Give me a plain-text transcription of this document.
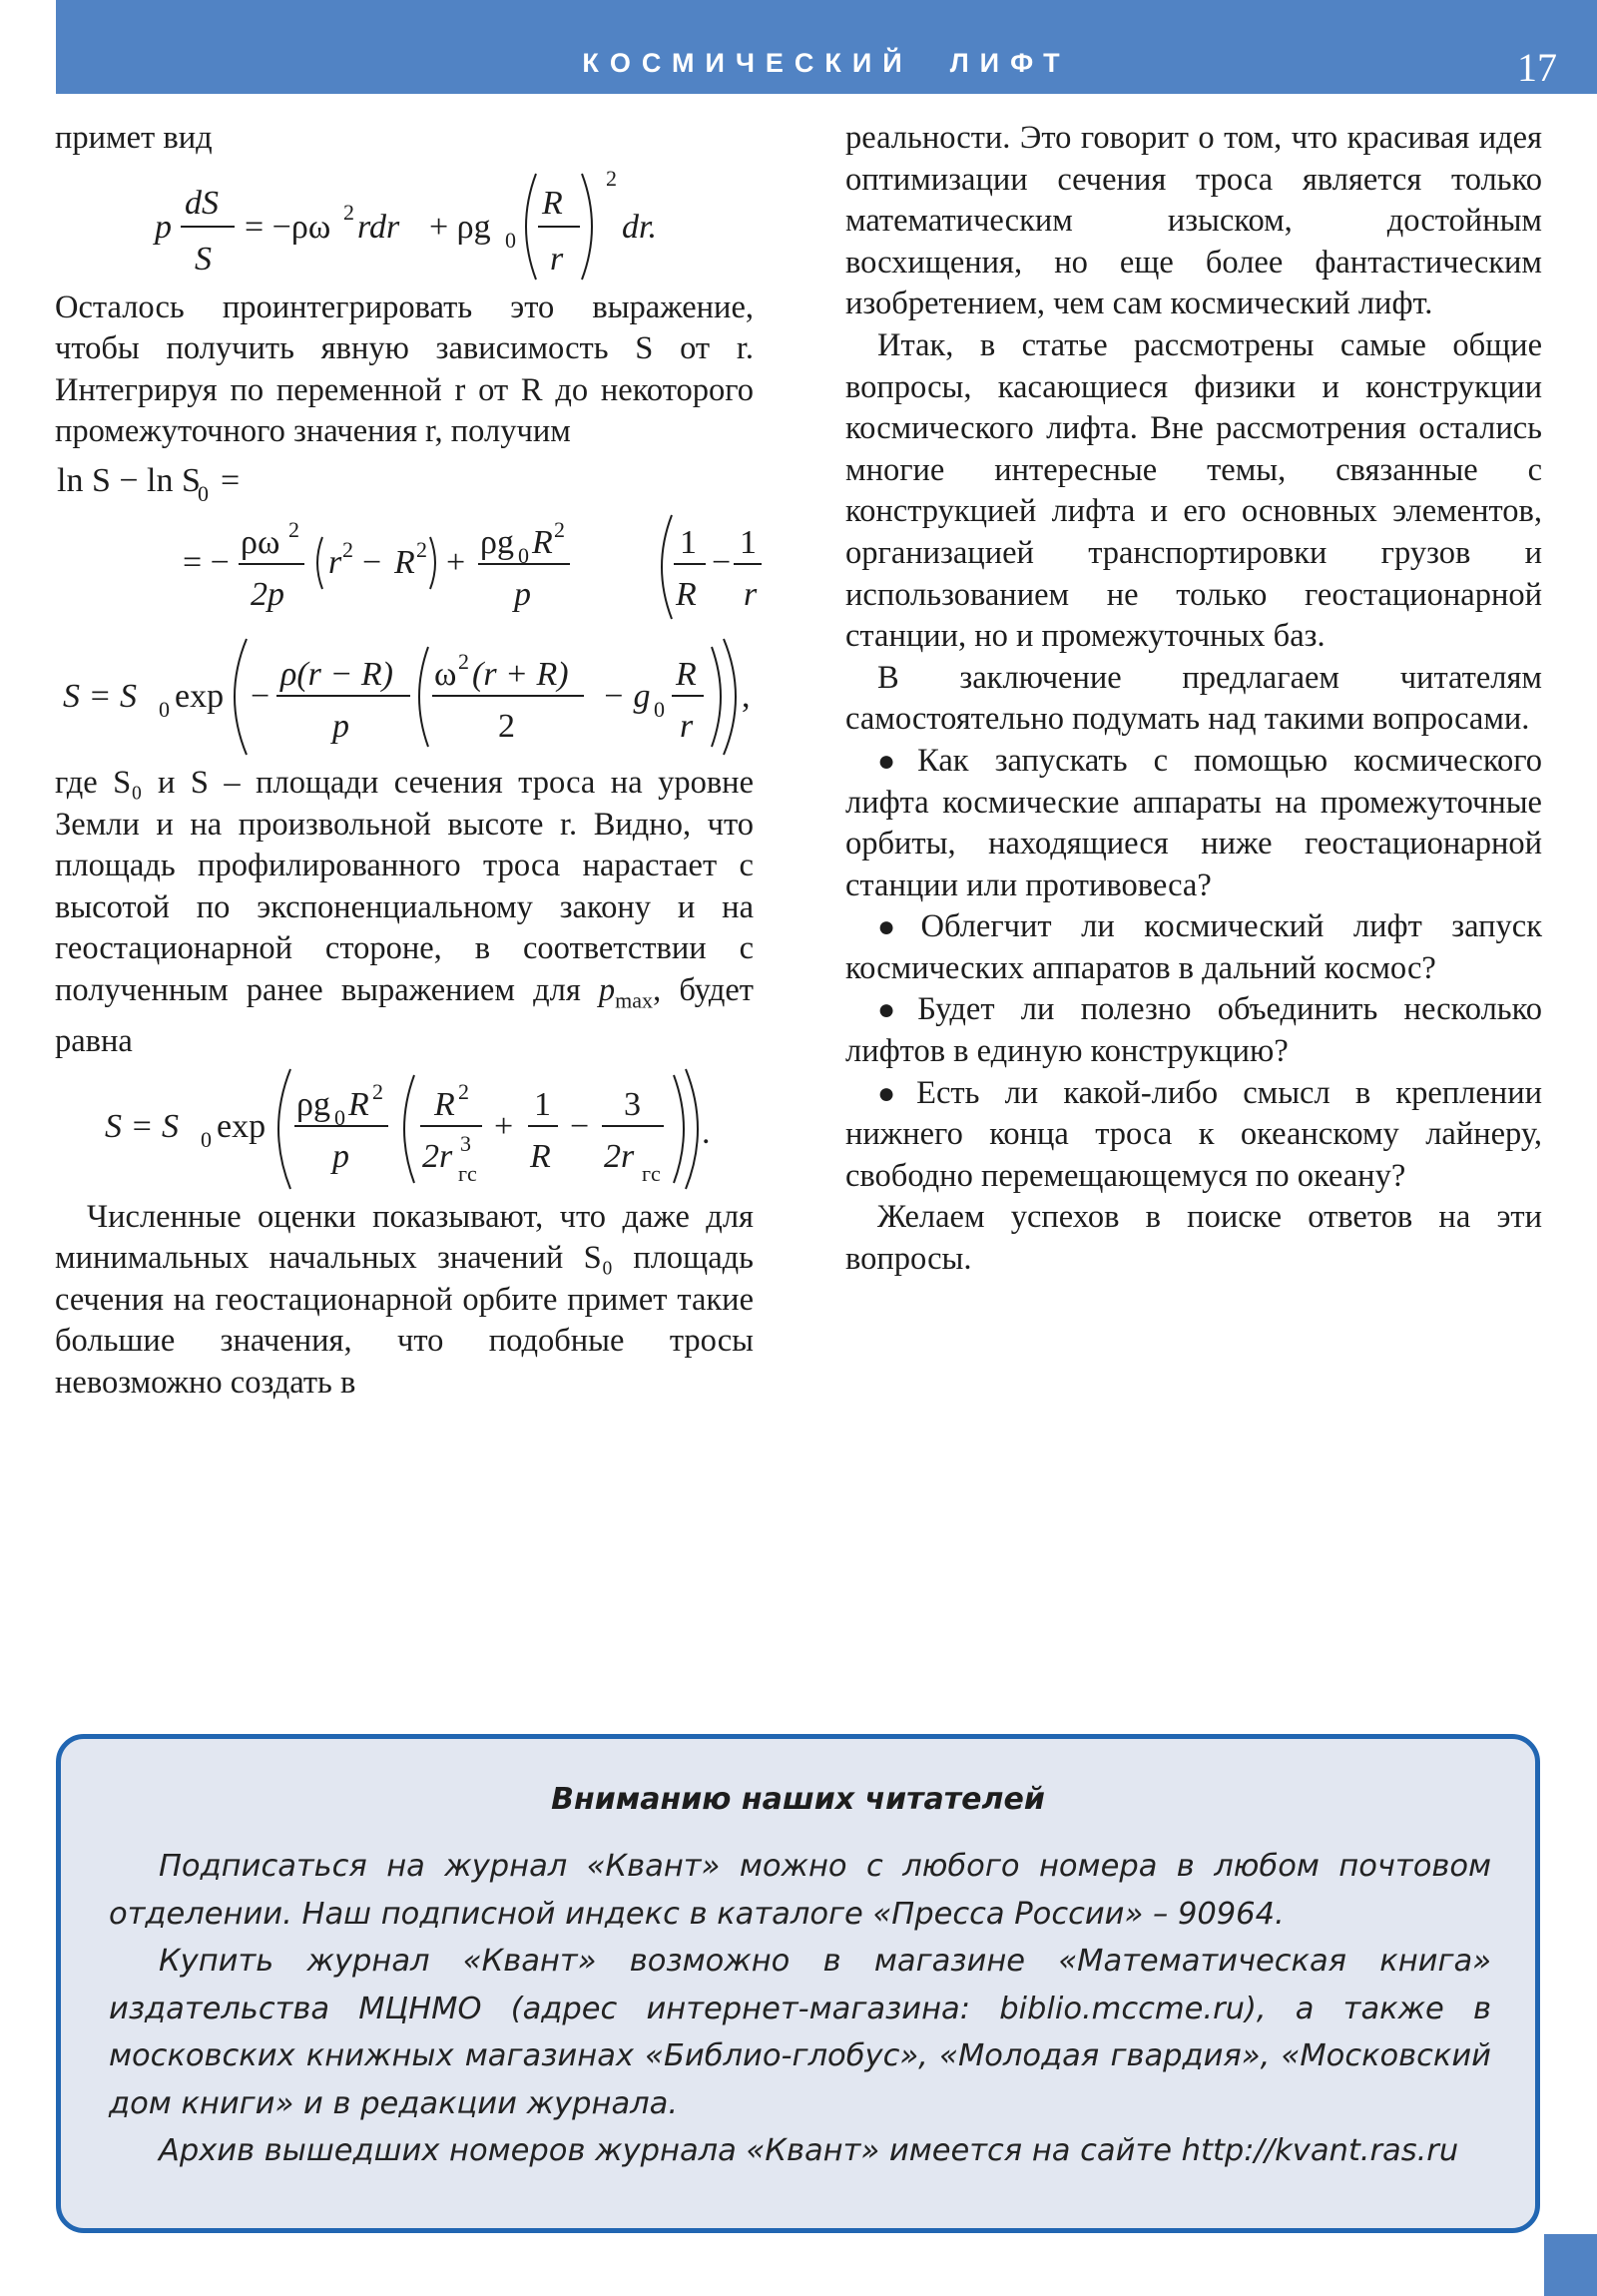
КОСМИЧЕСКИЙ  ЛИФТ	17

примет вид

p
dS
S
= −ρω 2 rdr + ρg 0
R
r
2
dr.

Осталось проинтегрировать это выражение, чтобы получить явную зависимость S от r. Интегрируя по переменной r от R до некоторого промежуточного значения r, получим

ln S − ln S
0 =
= −
ρω 2
2p
r 2 − R 2 +
ρg 0 R 2
p
1
R
−
1
r
S = S 0 exp −
ρ(r − R)
p
ω 2 (r + R)
2
− g 0
R
r
,

где S₀ и S – площади сечения троса на уровне Земли и на произвольной высоте r. Видно, что площадь профилированного троса нарастает с высотой по экспоненциальному закону и на геостационарной стороне, в соответствии с полученным ранее выражением для $p_{max}$, будет равна

S = S 0 exp
ρg 0 R 2
p
R 2
2r 3
гс
+
1
R
−
3
2r гс
.

Численные оценки показывают, что даже для минимальных начальных значений S₀ площадь сечения на геостационарной орбите примет такие большие значения, что подобные тросы невозможно создать в

реальности. Это говорит о том, что красивая идея оптимизации сечения троса является только математическим изыском, достойным восхищения, но еще более фантастическим изобретением, чем сам космический лифт.

Итак, в статье рассмотрены самые общие вопросы, касающиеся физики и конструкции космического лифта. Вне рассмотрения остались многие интересные темы, связанные с конструкцией лифта и его основных элементов, организацией транспортировки грузов и использованием не только геостационарной станции, но и промежуточных баз.

В заключение предлагаем читателям самостоятельно подумать над такими вопросами.

● Как запускать с помощью космического лифта космические аппараты на промежуточные орбиты, находящиеся ниже геостационарной станции или противовеса?

● Облегчит ли космический лифт запуск космических аппаратов в дальний космос?

● Будет ли полезно объединить несколько лифтов в единую конструкцию?

● Есть ли какой-либо смысл в креплении нижнего конца троса к океанскому лайнеру, свободно перемещающемуся по океану?

Желаем успехов в поиске ответов на эти вопросы.

Вниманию наших читателей

Подписаться на журнал «Квант» можно с любого номера в любом почтовом отделении. Наш подписной индекс в каталоге «Пресса России» – 90964.

Купить журнал «Квант» возможно в магазине «Математическая книга» издательства МЦНМО (адрес интернет-магазина: biblio.mccme.ru), а также в московских книжных магазинах «Библио-глобус», «Молодая гвардия», «Московский дом книги» и в редакции журнала.

Архив вышедших номеров журнала «Квант» имеется на сайте http://kvant.ras.ru
